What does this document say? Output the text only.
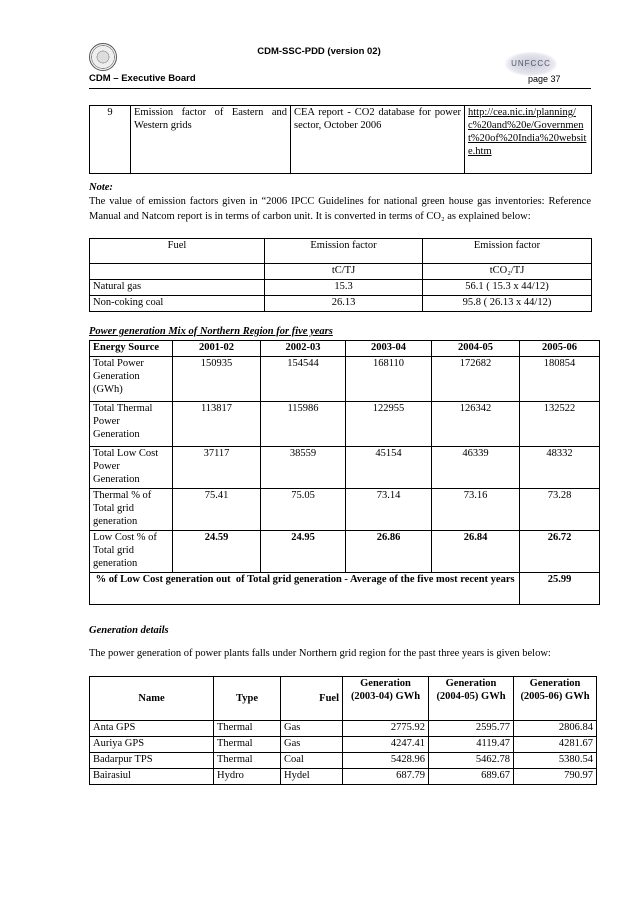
UNFCCC
CDM-SSC-PDD (version 02)
CDM – Executive Board	page 37
9	Emission factor of Eastern and Western grids	CEA report - CO2 database for power sector, October 2006	http://cea.nic.in/planning/c%20and%20e/Government%20of%20India%20website.htm

Note:

The value of emission factors given in “2006 IPCC Guidelines for national green house gas inventories: Reference Manual and Natcom report is in terms of carbon unit. It is converted in terms of CO₂ as explained below:

Fuel	Emission factor	Emission factor
	tC/TJ	tCO₂/TJ
Natural gas	15.3	56.1 ( 15.3 x 44/12)
Non-coking coal	26.13	95.8 ( 26.13 x 44/12)

Power generation Mix of Northern Region for five years

Energy Source	2001-02	2002-03	2003-04	2004-05	2005-06
Total Power Generation (GWh)	150935	154544	168110	172682	180854
Total Thermal Power Generation	113817	115986	122955	126342	132522
Total Low Cost Power Generation	37117	38559	45154	46339	48332
Thermal % of Total grid generation	75.41	75.05	73.14	73.16	73.28
Low Cost % of Total grid generation	24.59	24.95	26.86	26.84	26.72
% of Low Cost generation out  of Total grid generation - Average of the five most recent years					25.99

Generation details

The power generation of power plants falls under Northern grid region for the past three years is given below:

Name	Type	Fuel	Generation (2003-04) GWh	Generation (2004-05) GWh	Generation (2005-06) GWh
Anta GPS	Thermal	Gas	2775.92	2595.77	2806.84
Auriya GPS	Thermal	Gas	4247.41	4119.47	4281.67
Badarpur TPS	Thermal	Coal	5428.96	5462.78	5380.54
Bairasiul	Hydro	Hydel	687.79	689.67	790.97
